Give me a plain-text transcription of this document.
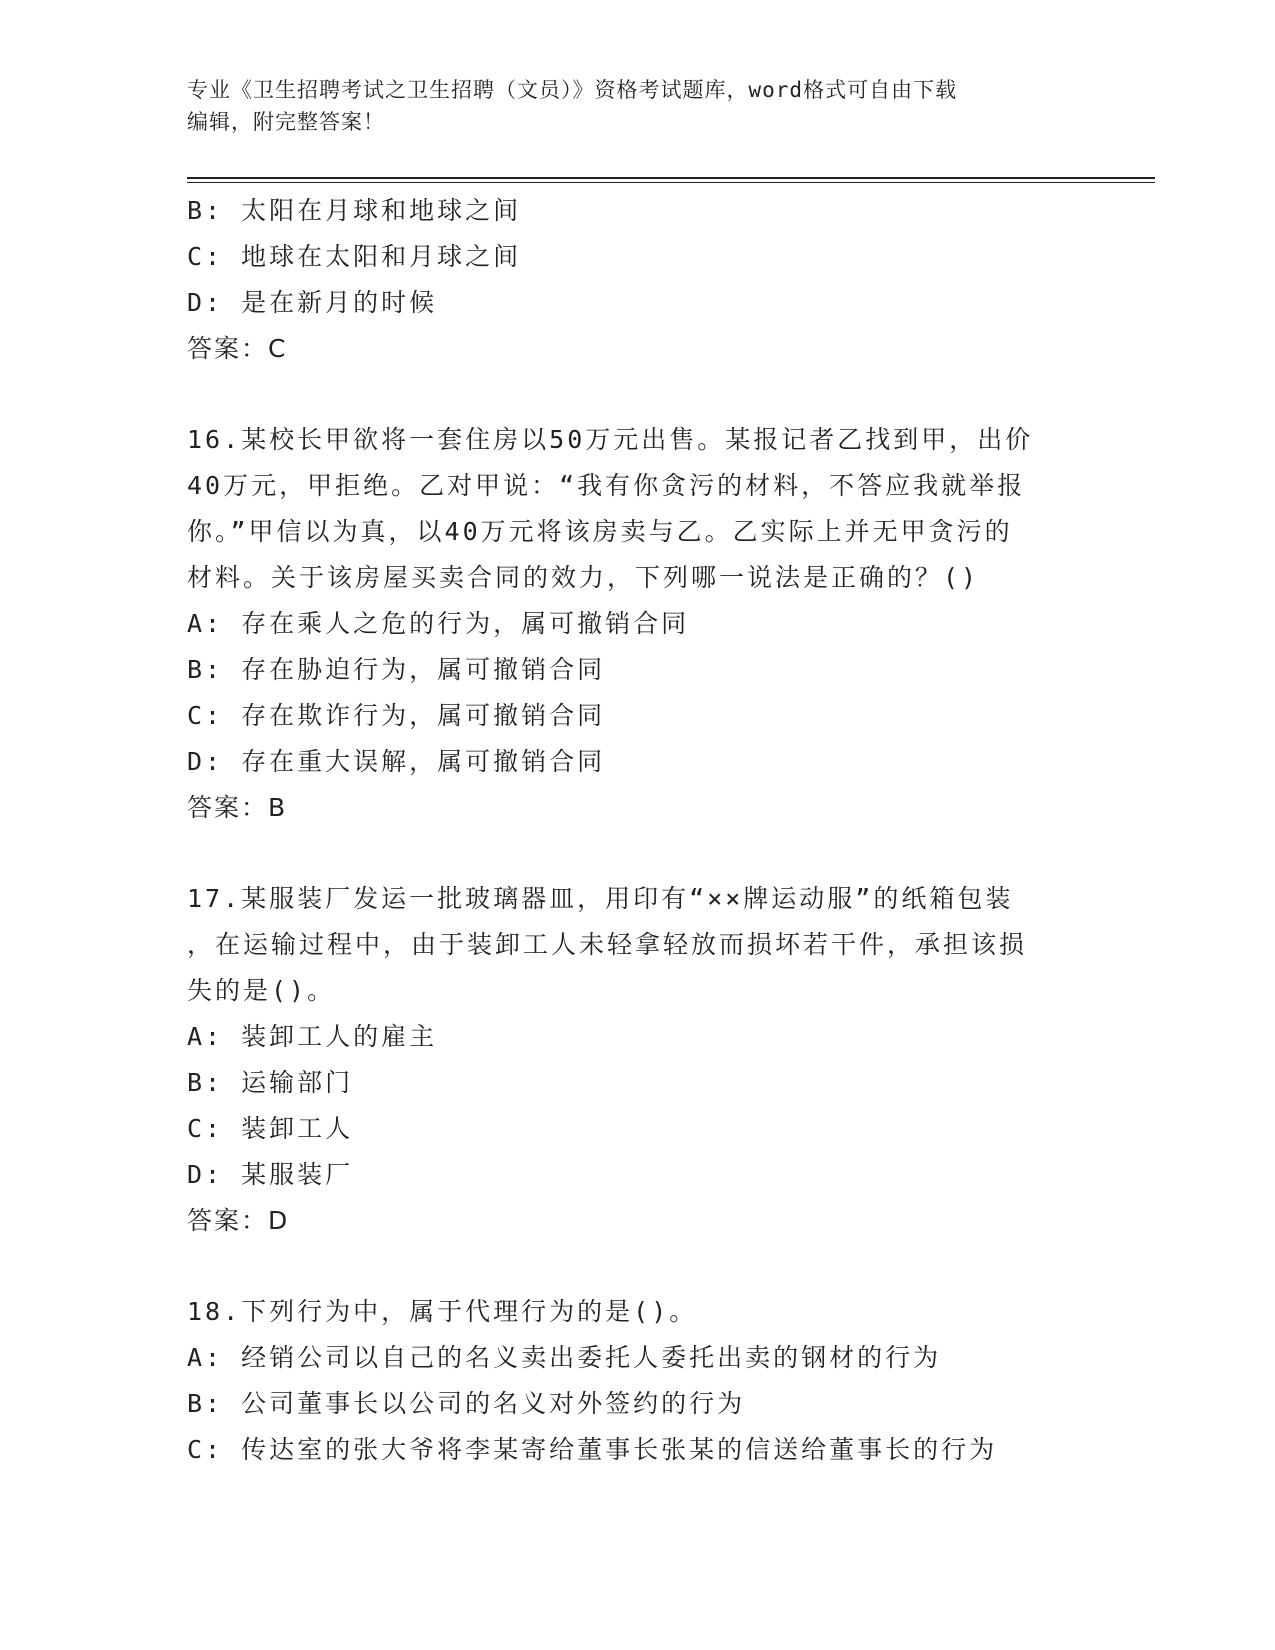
专业《卫生招聘考试之卫生招聘（文员）》资格考试题库，word格式可自由下载
编辑，附完整答案！
B: 太阳在月球和地球之间
C: 地球在太阳和月球之间
D: 是在新月的时候
答案：C
16.某校长甲欲将一套住房以50万元出售。某报记者乙找到甲，出价
40万元，甲拒绝。乙对甲说：“我有你贪污的材料，不答应我就举报
你。”甲信以为真，以40万元将该房卖与乙。乙实际上并无甲贪污的
材料。关于该房屋买卖合同的效力，下列哪一说法是正确的？()
A: 存在乘人之危的行为，属可撤销合同
B: 存在胁迫行为，属可撤销合同
C: 存在欺诈行为，属可撤销合同
D: 存在重大误解，属可撤销合同
答案：B
17.某服装厂发运一批玻璃器皿，用印有“××牌运动服”的纸箱包装
，在运输过程中，由于装卸工人未轻拿轻放而损坏若干件，承担该损
失的是()。
A: 装卸工人的雇主
B: 运输部门
C: 装卸工人
D: 某服装厂
答案：D
18.下列行为中，属于代理行为的是()。
A: 经销公司以自己的名义卖出委托人委托出卖的钢材的行为
B: 公司董事长以公司的名义对外签约的行为
C: 传达室的张大爷将李某寄给董事长张某的信送给董事长的行为
